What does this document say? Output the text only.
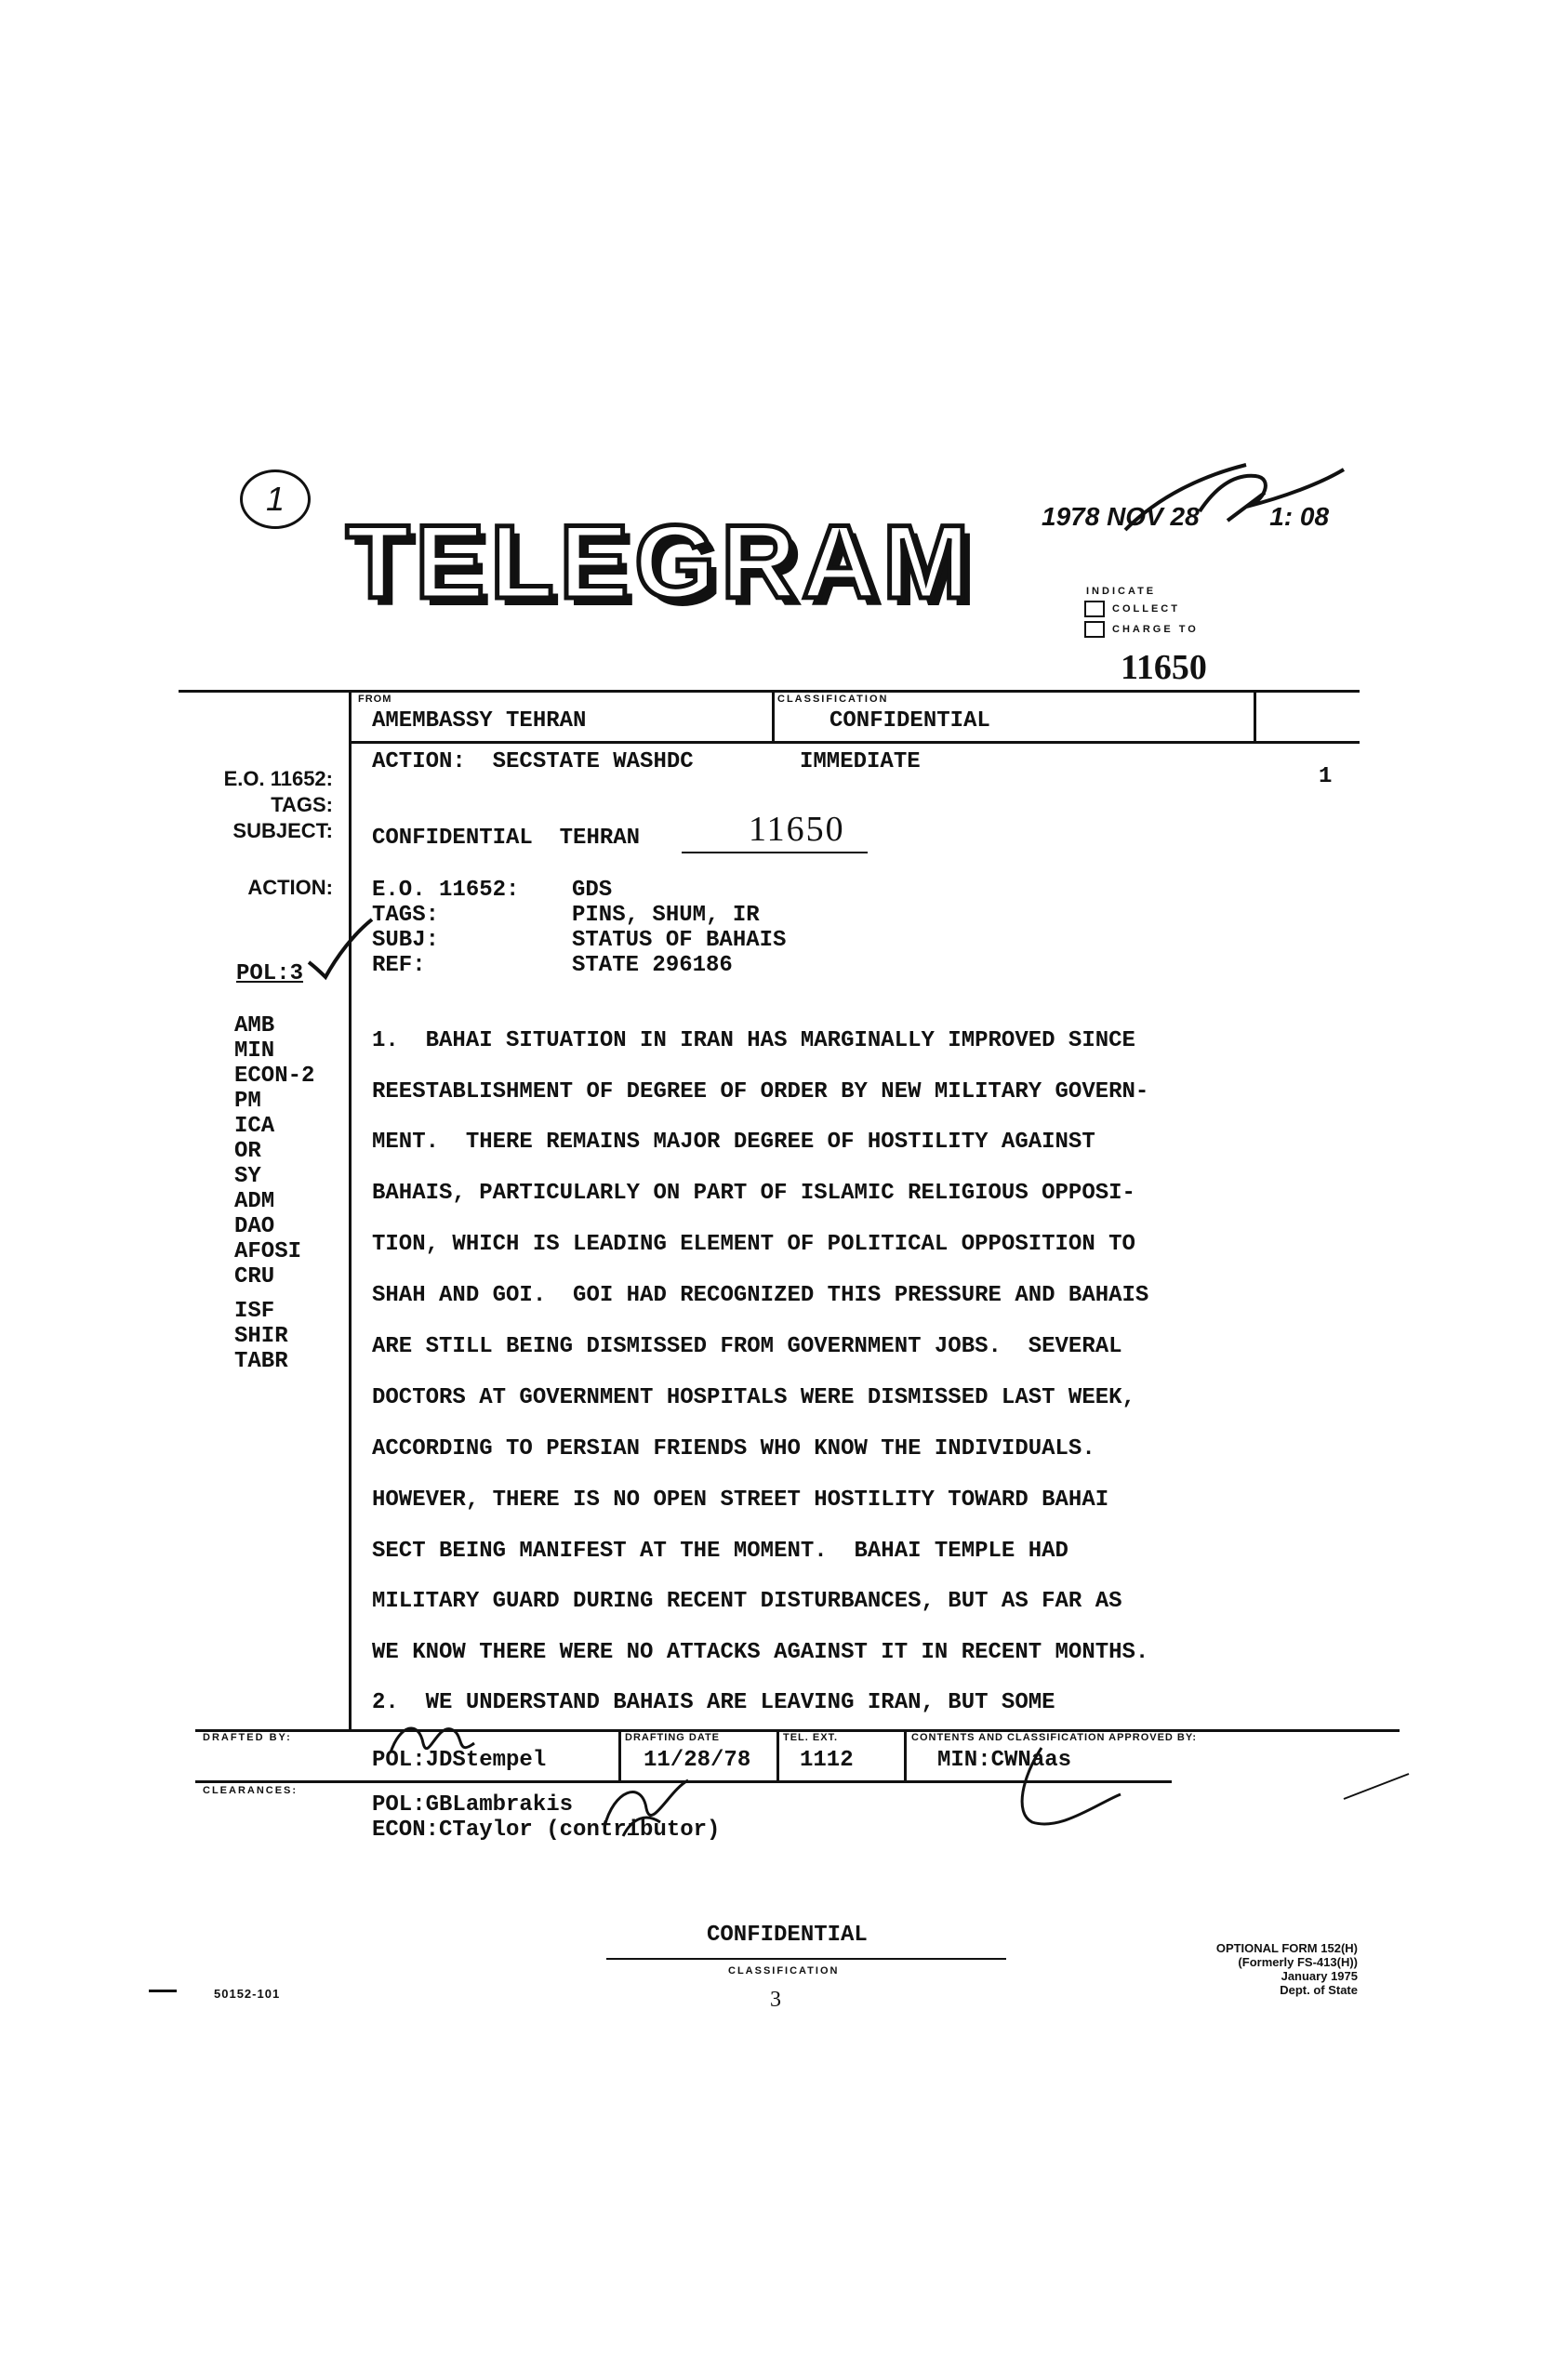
1
TELEGRAM	1978 NOV 28	1: 08
INDICATE
COLLECT
CHARGE TO
11650
FROM
AMEMBASSY TEHRAN
CLASSIFICATION
CONFIDENTIAL
ACTION:  SECSTATE WASHDC	IMMEDIATE
1
E.O. 11652:
TAGS:
SUBJECT:
ACTION:
POL:3
AMB
MIN
ECON-2
PM
ICA
OR
SY
ADM
DAO
AFOSI
CRU
ISF
SHIR
TABR
CONFIDENTIAL  TEHRAN	11650
E.O. 11652: GDS
TAGS:	PINS, SHUM, IR
SUBJ:	STATUS OF BAHAIS
REF:	STATE 296186
1.  BAHAI SITUATION IN IRAN HAS MARGINALLY IMPROVED SINCE
REESTABLISHMENT OF DEGREE OF ORDER BY NEW MILITARY GOVERN-
MENT.  THERE REMAINS MAJOR DEGREE OF HOSTILITY AGAINST
BAHAIS, PARTICULARLY ON PART OF ISLAMIC RELIGIOUS OPPOSI-
TION, WHICH IS LEADING ELEMENT OF POLITICAL OPPOSITION TO
SHAH AND GOI.  GOI HAD RECOGNIZED THIS PRESSURE AND BAHAIS
ARE STILL BEING DISMISSED FROM GOVERNMENT JOBS.  SEVERAL
DOCTORS AT GOVERNMENT HOSPITALS WERE DISMISSED LAST WEEK,
ACCORDING TO PERSIAN FRIENDS WHO KNOW THE INDIVIDUALS.
HOWEVER, THERE IS NO OPEN STREET HOSTILITY TOWARD BAHAI
SECT BEING MANIFEST AT THE MOMENT.  BAHAI TEMPLE HAD
MILITARY GUARD DURING RECENT DISTURBANCES, BUT AS FAR AS
WE KNOW THERE WERE NO ATTACKS AGAINST IT IN RECENT MONTHS.
2.  WE UNDERSTAND BAHAIS ARE LEAVING IRAN, BUT SOME
DRAFTED BY:
POL:JDStempel
DRAFTING DATE
11/28/78
TEL. EXT.
1112
CONTENTS AND CLASSIFICATION APPROVED BY:
MIN:CWNaas
CLEARANCES:
POL:GBLambrakis
ECON:CTaylor (contributor)
CONFIDENTIAL
CLASSIFICATION
3
50152-101
OPTIONAL FORM 152(H)
(Formerly FS-413(H))
January 1975
Dept. of State
